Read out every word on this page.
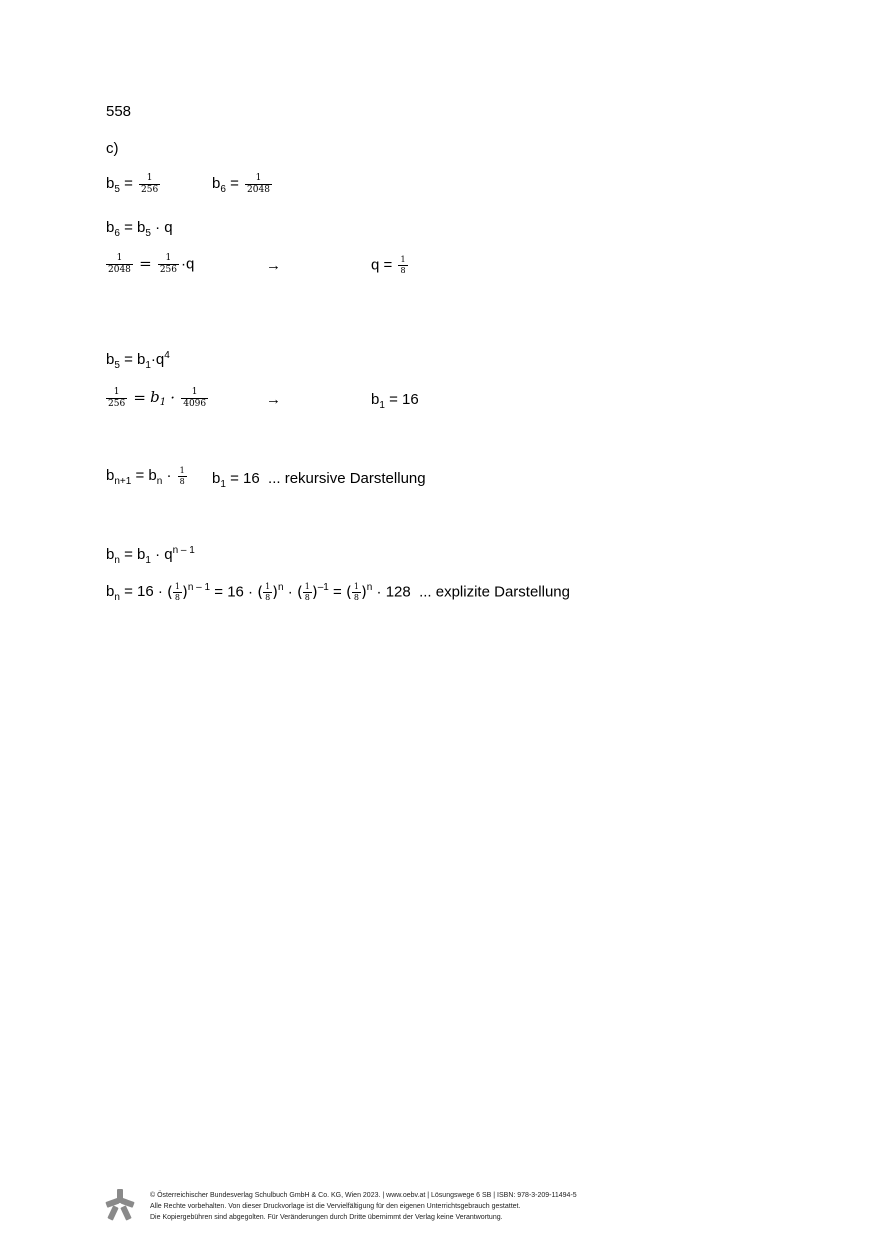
558
c)
$b_5 = \frac{1}{256}$	$b_6 = \frac{1}{2048}$
$b_6 = b_5 \cdot q$
$\frac{1}{2048} = \frac{1}{256} \cdot q$	→	$q = \frac{1}{8}$
$b_5 = b_1\cdot q^4$
$\frac{1}{256} = b_1 \cdot \frac{1}{4096}$	→	$b_1 = 16$
$b_{n+1} = b_n \cdot \frac{1}{8} b_1 = 16$  ... rekursive Darstellung
$b_n = b_1 \cdot q^{n - 1}$
$b_n = 16$ · ( $\frac{1}{8} )^{n - 1} = 16$ · ( $\frac{1}{8} )^n$ · ( $\frac{1}{8} )^{-1}$ = ( $\frac{1}{8} )^n \cdot 128$ ... explizite Darstellung
© Österreichischer Bundesverlag Schulbuch GmbH & Co. KG, Wien 2023. | www.oebv.at | Lösungswege 6 SB | ISBN: 978-3-209-11494-5
Alle Rechte vorbehalten. Von dieser Druckvorlage ist die Vervielfältigung für den eigenen Unterrichtsgebrauch gestattet.
Die Kopiergebühren sind abgegolten. Für Veränderungen durch Dritte übernimmt der Verlag keine Verantwortung.
